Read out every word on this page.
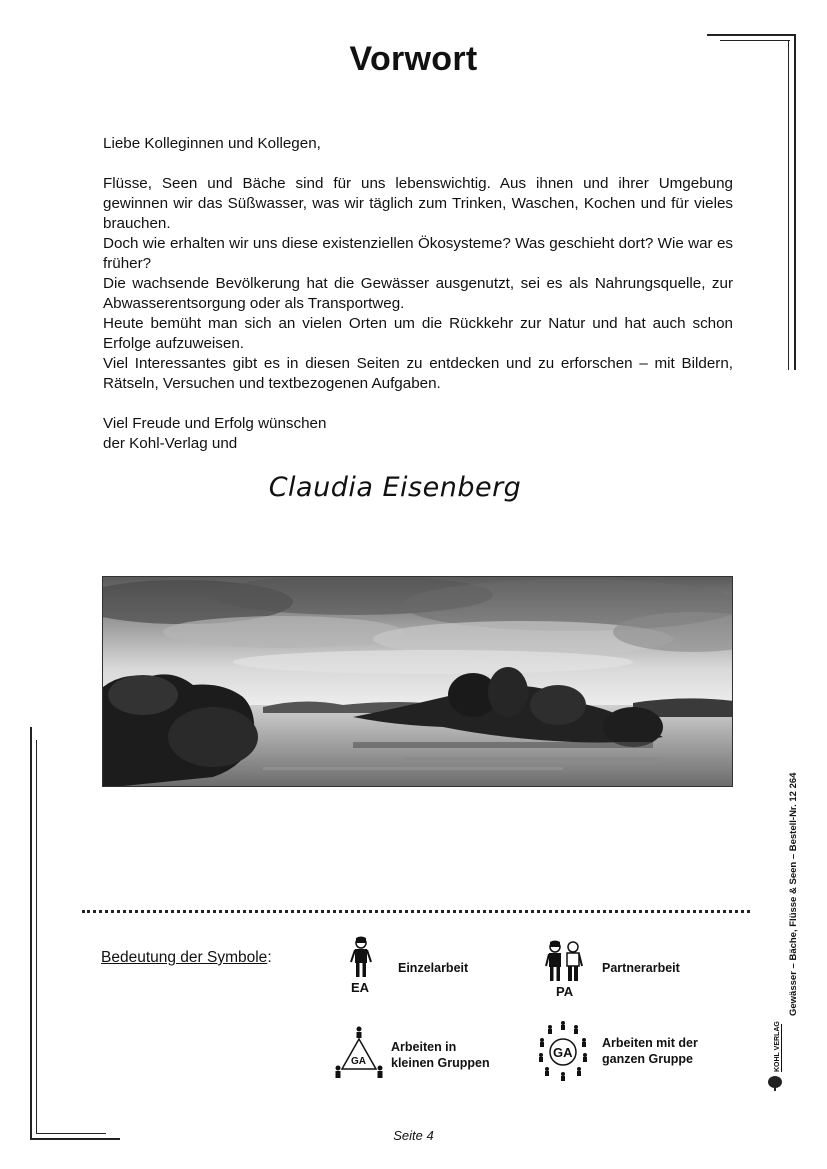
Vorwort

Liebe Kolleginnen und Kollegen,

Flüsse, Seen und Bäche sind für uns lebenswichtig. Aus ihnen und ihrer Umgebung gewinnen wir das Süßwasser, was wir täglich zum Trinken, Waschen, Kochen und für vieles brauchen.

Doch wie erhalten wir uns diese existenziellen Ökosysteme? Was geschieht dort? Wie war es früher?

Die wachsende Bevölkerung hat die Gewässer ausgenutzt, sei es als Nahrungsquelle, zur Abwasserentsorgung oder als Transportweg.

Heute bemüht man sich an vielen Orten um die Rückkehr zur Natur und hat auch schon Erfolge aufzuweisen.

Viel Interessantes gibt es in diesen Seiten zu entdecken und zu erforschen – mit Bildern, Rätseln, Versuchen und textbezogenen Aufgaben.

Viel Freude und Erfolg wünschen

der Kohl-Verlag und

Claudia Eisenberg
Bedeutung der Symbole:
EA
Einzelarbeit
PA
Partnerarbeit
GA
Arbeiten in
kleinen Gruppen
GA
Arbeiten mit der
ganzen Gruppe
Gewässer – Bäche, Flüsse & Seen – Bestell-Nr. 12 264
KOHL VERLAG
Seite 4
